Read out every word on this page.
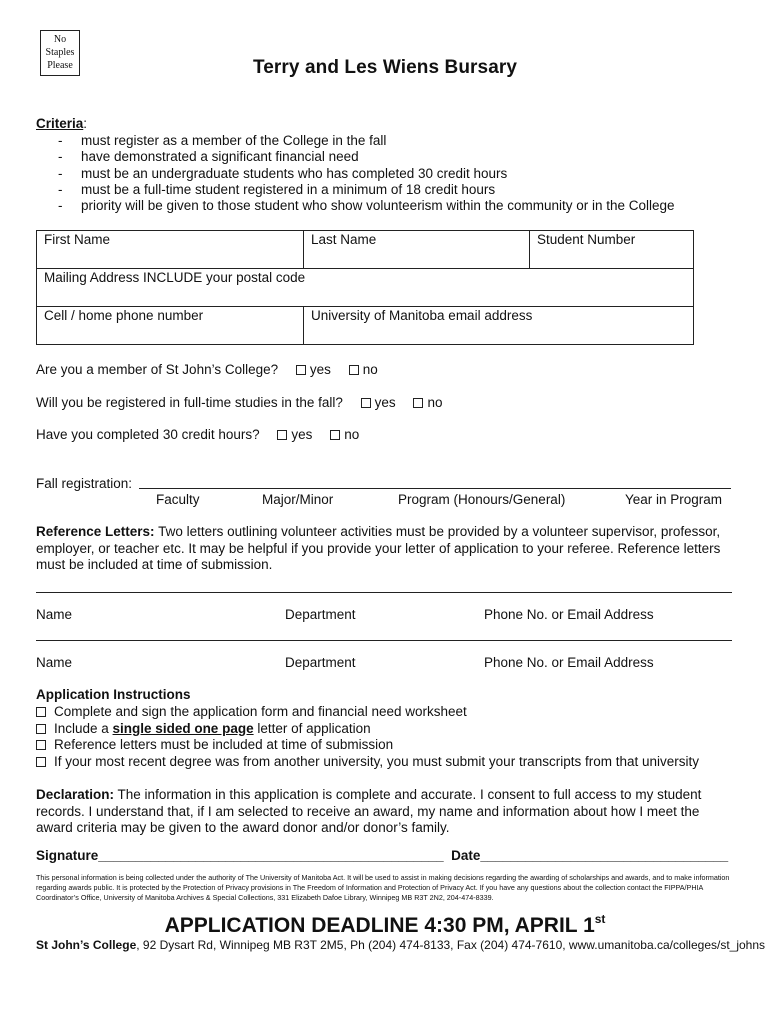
No
Staples
Please	Terry and Les Wiens Bursary
Criteria:
- must register as a member of the College in the fall
- have demonstrated a significant financial need
- must be an undergraduate students who has completed 30 credit hours
- must be a full-time student registered in a minimum of 18 credit hours
- priority will be given to those student who show volunteerism within the community or in the College
First Name	Last Name	Student Number
Mailing Address INCLUDE your postal code		
Cell / home phone number	University of Manitoba email address	
Are you a member of St John’s College? yes no
Will you be registered in full-time studies in the fall? yes no
Have you completed 30 credit hours? yes no
Fall registration:
Faculty	Major/Minor	Program (Honours/General)	Year in Program
Reference Letters: Two letters outlining volunteer activities must be provided by a volunteer supervisor, professor, employer, or teacher etc. It may be helpful if you provide your letter of application to your referee. Reference letters must be included at time of submission.
Name	Department	Phone No. or Email Address
Name	Department	Phone No. or Email Address
Application Instructions
Complete and sign the application form and financial need worksheet
Include a single sided one page letter of application
Reference letters must be included at time of submission
If your most recent degree was from another university, you must submit your transcripts from that university
Declaration: The information in this application is complete and accurate. I consent to full access to my student records. I understand that, if I am selected to receive an award, my name and information about how I meet the award criteria may be given to the award donor and/or donor’s family.
Signature______________________________________________ Date_________________________________
This personal information is being collected under the authority of The University of Manitoba Act. It will be used to assist in making decisions regarding the awarding of scholarships and awards, and to make information regarding awards public. It is protected by the Protection of Privacy provisions in The Freedom of Information and Protection of Privacy Act. If you have any questions about the collection contact the FIPPA/PHIA Coordinator’s Office, University of Manitoba Archives & Special Collections, 331 Elizabeth Dafoe Library, Winnipeg MB R3T 2N2, 204-474-8339.
APPLICATION DEADLINE 4:30 PM, APRIL 1st
St John’s College, 92 Dysart Rd, Winnipeg MB R3T 2M5, Ph (204) 474-8133, Fax (204) 474-7610, www.umanitoba.ca/colleges/st_johns
